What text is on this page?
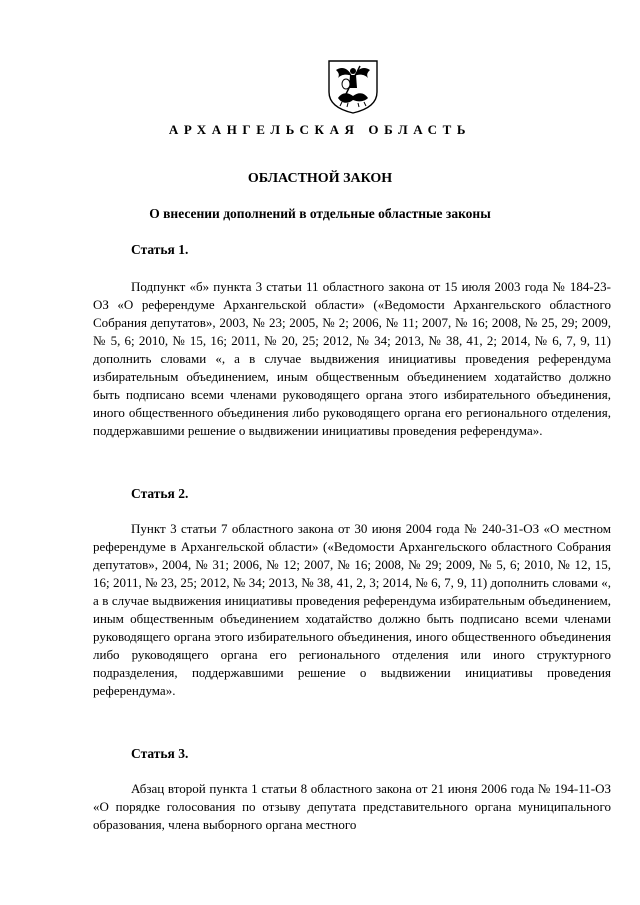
АРХАНГЕЛЬСКАЯ ОБЛАСТЬ
ОБЛАСТНОЙ ЗАКОН
О внесении дополнений в отдельные областные законы
Статья 1.

Подпункт «б» пункта 3 статьи 11 областного закона от 15 июля 2003 года № 184-23-ОЗ «О референдуме Архангельской области» («Ведомости Архангельского областного Собрания депутатов», 2003, № 23; 2005, № 2; 2006, № 11; 2007, № 16; 2008, № 25, 29; 2009, № 5, 6; 2010, № 15, 16; 2011, № 20, 25; 2012, № 34; 2013, № 38, 41, 2; 2014, № 6, 7, 9, 11) дополнить словами «, а в случае выдвижения инициативы проведения референдума избирательным объединением, иным общественным объединением ходатайство должно быть подписано всеми членами руководящего органа этого избирательного объединения, иного общественного объединения либо руководящего органа его регионального отделения, поддержавшими решение о выдвижении инициативы проведения референдума».

Статья 2.

Пункт 3 статьи 7 областного закона от 30 июня 2004 года № 240-31-ОЗ «О местном референдуме в Архангельской области» («Ведомости Архангельского областного Собрания депутатов», 2004, № 31; 2006, № 12; 2007, № 16; 2008, № 29; 2009, № 5, 6; 2010, № 12, 15, 16; 2011, № 23, 25; 2012, № 34; 2013, № 38, 41, 2, 3; 2014, № 6, 7, 9, 11) дополнить словами «, а в случае выдвижения инициативы проведения референдума избирательным объединением, иным общественным объединением ходатайство должно быть подписано всеми членами руководящего органа этого избирательного объединения, иного общественного объединения либо руководящего органа его регионального отделения или иного структурного подразделения, поддержавшими решение о выдвижении инициативы проведения референдума».

Статья 3.

Абзац второй пункта 1 статьи 8 областного закона от 21 июня 2006 года № 194-11-ОЗ «О порядке голосования по отзыву депутата представительного органа муниципального образования, члена выборного органа местного
